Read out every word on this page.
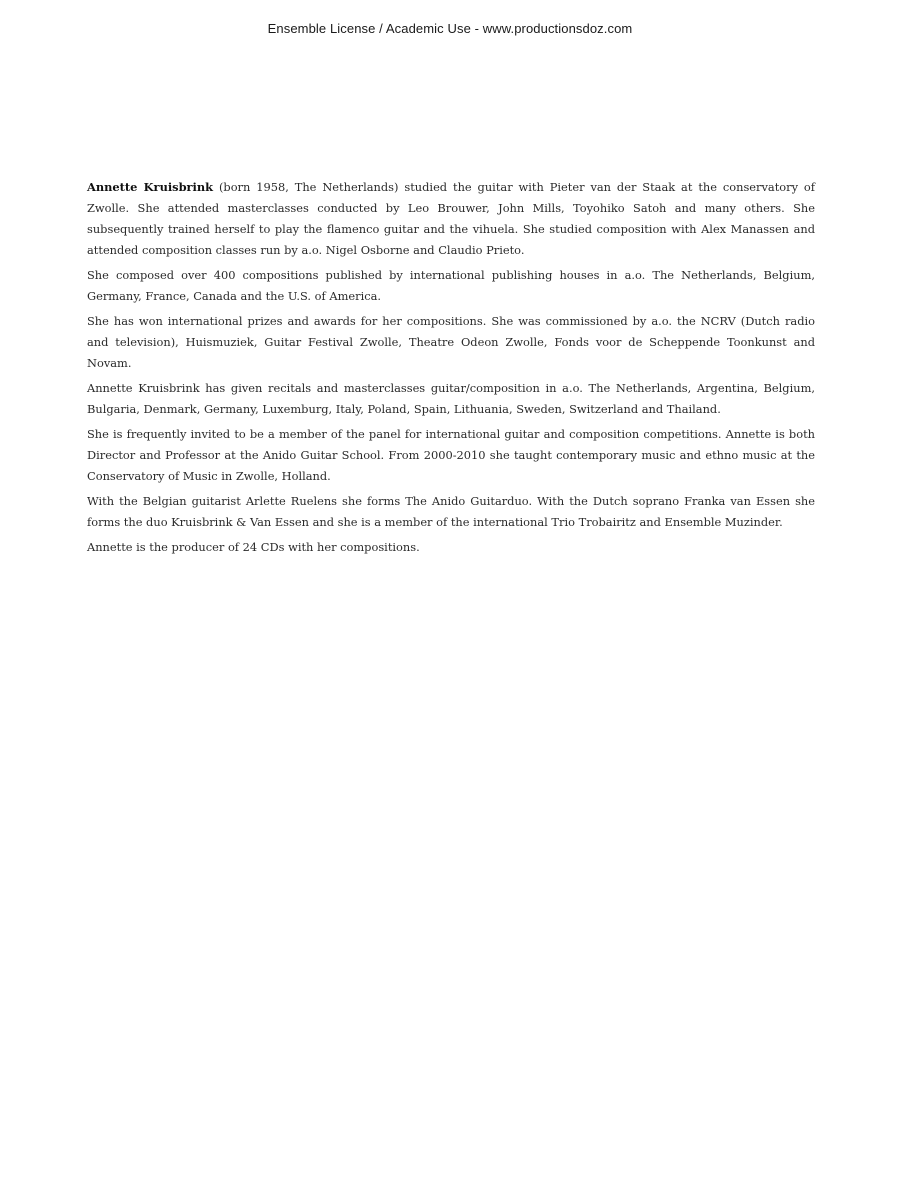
Ensemble License / Academic Use - www.productionsdoz.com

Annette Kruisbrink (born 1958, The Netherlands) studied the guitar with Pieter van der Staak at the conservatory of Zwolle. She attended masterclasses conducted by Leo Brouwer, John Mills, Toyohiko Satoh and many others. She subsequently trained herself to play the flamenco guitar and the vihuela. She studied composition with Alex Manassen and attended composition classes run by a.o. Nigel Osborne and Claudio Prieto.

She composed over 400 compositions published by international publishing houses in a.o. The Netherlands, Belgium, Germany, France, Canada and the U.S. of America.

She has won international prizes and awards for her compositions. She was commissioned by a.o. the NCRV (Dutch radio and television), Huismuziek, Guitar Festival Zwolle, Theatre Odeon Zwolle, Fonds voor de Scheppende Toonkunst and Novam.

Annette Kruisbrink has given recitals and masterclasses guitar/composition in a.o. The Netherlands, Argentina, Belgium, Bulgaria, Denmark, Germany, Luxemburg, Italy, Poland, Spain, Lithuania, Sweden, Switzerland and Thailand.

She is frequently invited to be a member of the panel for international guitar and composition competitions. Annette is both Director and Professor at the Anido Guitar School. From 2000-2010 she taught contemporary music and ethno music at the Conservatory of Music in Zwolle, Holland.

With the Belgian guitarist Arlette Ruelens she forms The Anido Guitarduo. With the Dutch soprano Franka van Essen she forms the duo Kruisbrink & Van Essen and she is a member of the international Trio Trobairitz and Ensemble Muzinder.

Annette is the producer of 24 CDs with her compositions.
